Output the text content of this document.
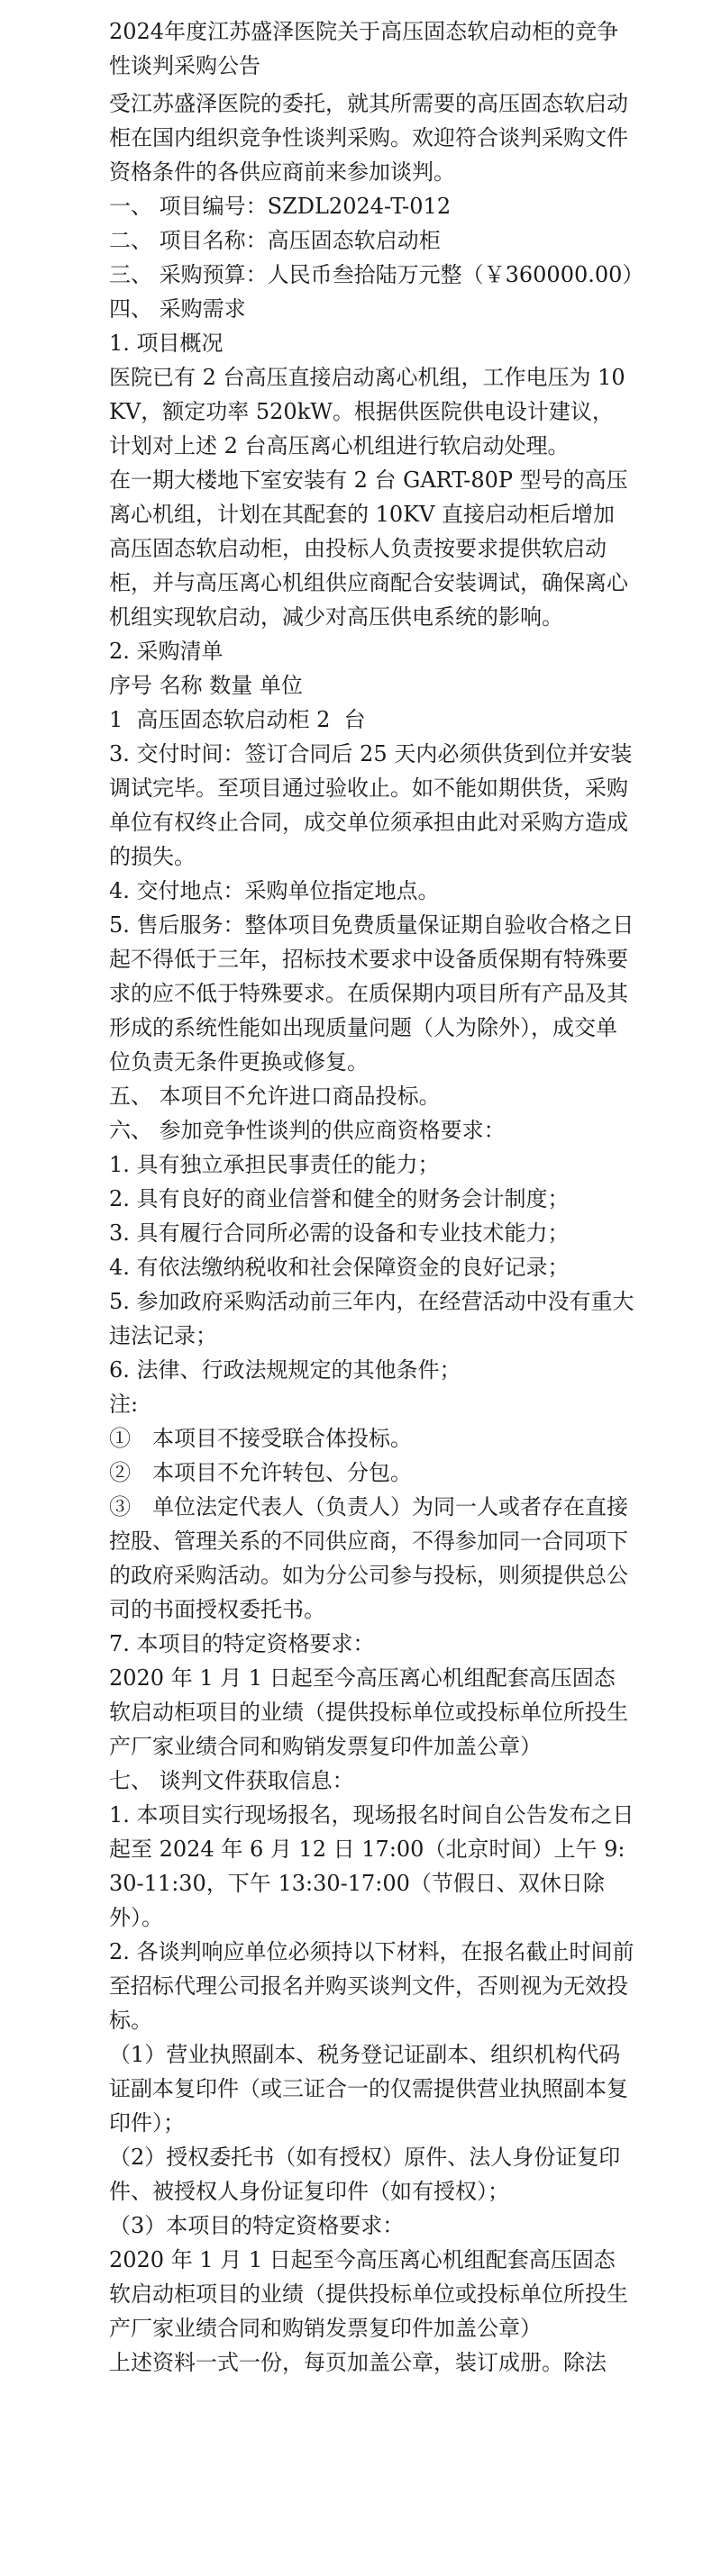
2024年度江苏盛泽医院关于高压固态软启动柜的竞争性谈判采购公告

受江苏盛泽医院的委托，就其所需要的高压固态软启动柜在国内组织竞争性谈判采购。欢迎符合谈判采购文件资格条件的各供应商前来参加谈判。

一、 项目编号：SZDL2024-T-012

二、 项目名称：高压固态软启动柜

三、 采购预算：人民币叁拾陆万元整（￥360000.00）

四、 采购需求

1. 项目概况

医院已有 2 台高压直接启动离心机组，工作电压为 10KV，额定功率 520kW。根据供医院供电设计建议，计划对上述 2 台高压离心机组进行软启动处理。

在一期大楼地下室安装有 2 台 GART-80P 型号的高压离心机组，计划在其配套的 10KV 直接启动柜后增加高压固态软启动柜，由投标人负责按要求提供软启动柜，并与高压离心机组供应商配合安装调试，确保离心机组实现软启动，减少对高压供电系统的影响。

2. 采购清单

序号 名称 数量 单位

1  高压固态软启动柜 2  台

3. 交付时间：签订合同后 25 天内必须供货到位并安装调试完毕。至项目通过验收止。如不能如期供货，采购单位有权终止合同，成交单位须承担由此对采购方造成的损失。

4. 交付地点：采购单位指定地点。

5. 售后服务：整体项目免费质量保证期自验收合格之日起不得低于三年，招标技术要求中设备质保期有特殊要求的应不低于特殊要求。在质保期内项目所有产品及其形成的系统性能如出现质量问题（人为除外），成交单位负责无条件更换或修复。

五、 本项目不允许进口商品投标。

六、 参加竞争性谈判的供应商资格要求：

1. 具有独立承担民事责任的能力；

2. 具有良好的商业信誉和健全的财务会计制度；

3. 具有履行合同所必需的设备和专业技术能力；

4. 有依法缴纳税收和社会保障资金的良好记录；

5. 参加政府采购活动前三年内，在经营活动中没有重大违法记录；

6. 法律、行政法规规定的其他条件；

注:

①　本项目不接受联合体投标。

②　本项目不允许转包、分包。

③　单位法定代表人（负责人）为同一人或者存在直接控股、管理关系的不同供应商，不得参加同一合同项下的政府采购活动。如为分公司参与投标，则须提供总公司的书面授权委托书。

7. 本项目的特定资格要求：

2020 年 1 月 1 日起至今高压离心机组配套高压固态软启动柜项目的业绩（提供投标单位或投标单位所投生产厂家业绩合同和购销发票复印件加盖公章）

七、 谈判文件获取信息：

1. 本项目实行现场报名，现场报名时间自公告发布之日起至 2024 年 6 月 12 日 17:00（北京时间）上午 9:30-11:30，下午 13:30-17:00（节假日、双休日除外）。

2. 各谈判响应单位必须持以下材料，在报名截止时间前至招标代理公司报名并购买谈判文件，否则视为无效投标。

（1）营业执照副本、税务登记证副本、组织机构代码证副本复印件（或三证合一的仅需提供营业执照副本复印件）；

（2）授权委托书（如有授权）原件、法人身份证复印件、被授权人身份证复印件（如有授权）；

（3）本项目的特定资格要求：

2020 年 1 月 1 日起至今高压离心机组配套高压固态软启动柜项目的业绩（提供投标单位或投标单位所投生产厂家业绩合同和购销发票复印件加盖公章）

上述资料一式一份，每页加盖公章，装订成册。除法
